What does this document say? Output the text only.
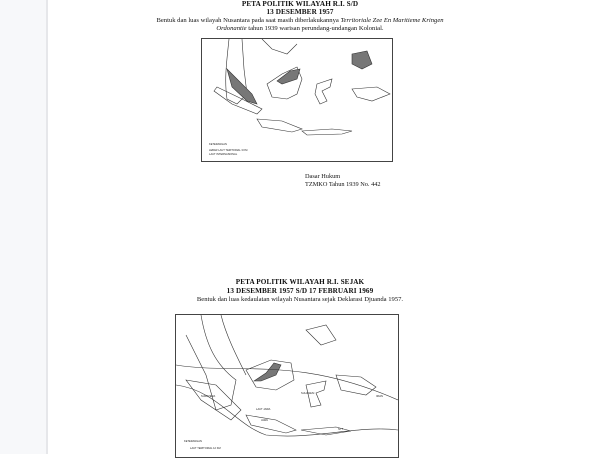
PETA POLITIK WILAYAH R.I. S/D
13 DESEMBER 1957
Bentuk dan luas wilayah Nusantara pada saat masih diberlakukannya Territoriale Zee En Maritieme Kringen
Ordonantie tahun 1939 warisan perundang-undangan Kolonial.
KETERANGAN
LEBAR LAUT TERITORIAL 3 KM
LAUT INTERNASIONAL
Dasar Hukum
TZMKO Tahun 1939 No. 442
PETA POLITIK WILAYAH R.I. SEJAK
13 DESEMBER 1957 S/D 17 FEBRUARI 1969
Bentuk dan luas kedaulatan wilayah Nusantara sejak Deklarasi Djuanda 1957.
SUMATERA
LAUT JAWA
JAWA
SULAWESI
IRIAN
NTT
KETERANGAN
LAUT TERITORIAL 12 KM
